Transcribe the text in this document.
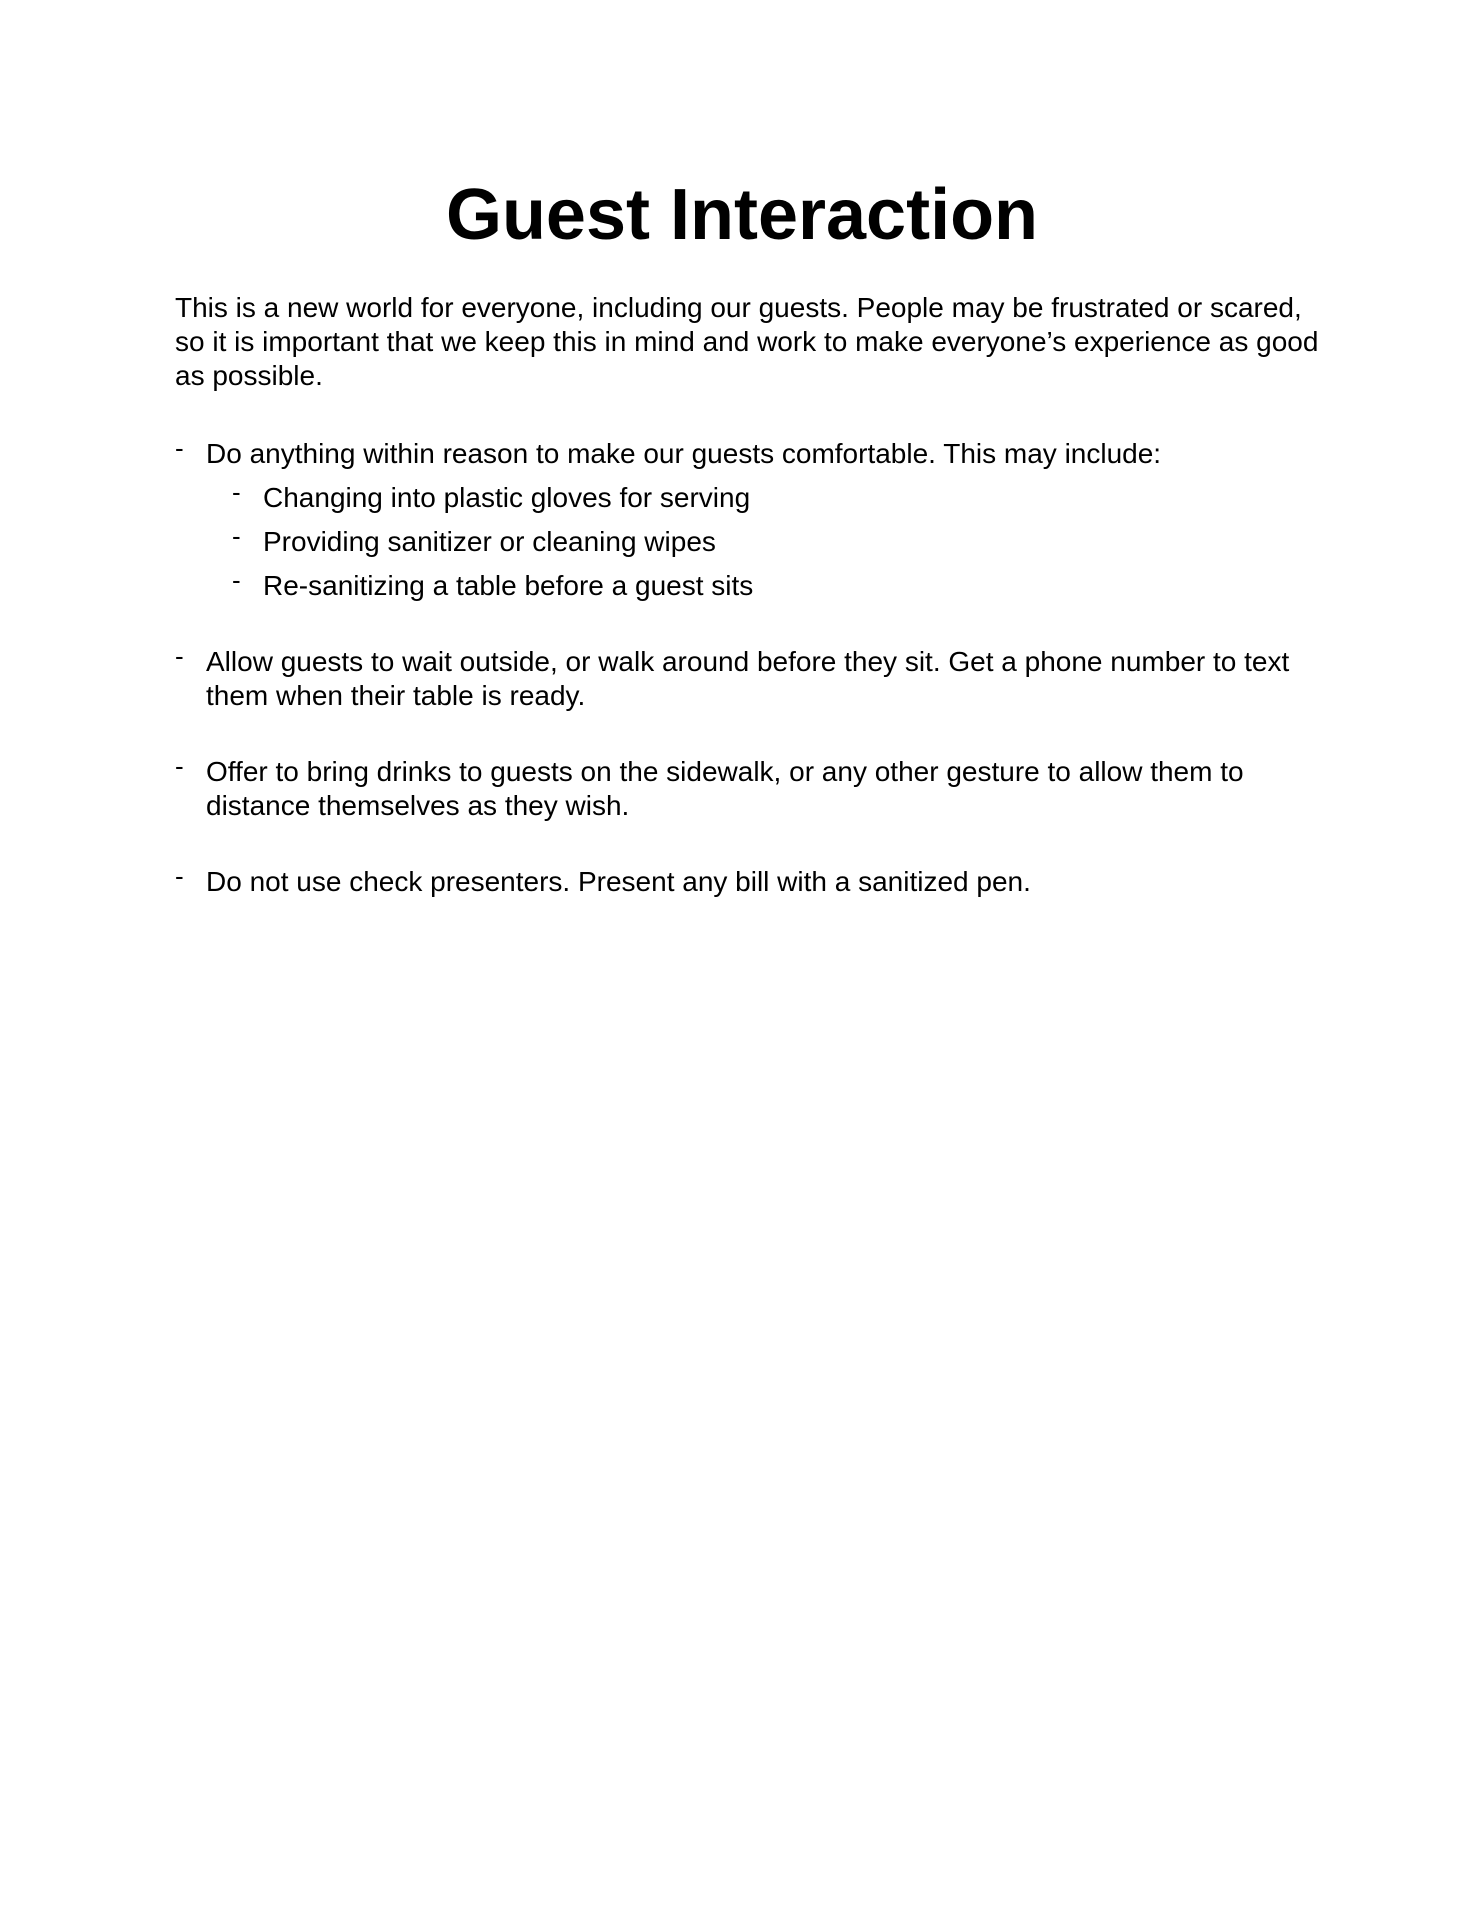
Guest Interaction

This is a new world for everyone, including our guests. People may be frustrated or scared, so it is important that we keep this in mind and work to make everyone’s experience as good as possible.

- Do anything within reason to make our guests comfortable. This may include:
- Changing into plastic gloves for serving
- Providing sanitizer or cleaning wipes
- Re-sanitizing a table before a guest sits
- Allow guests to wait outside, or walk around before they sit. Get a phone number to text them when their table is ready.
- Offer to bring drinks to guests on the sidewalk, or any other gesture to allow them to distance themselves as they wish.
- Do not use check presenters. Present any bill with a sanitized pen.
